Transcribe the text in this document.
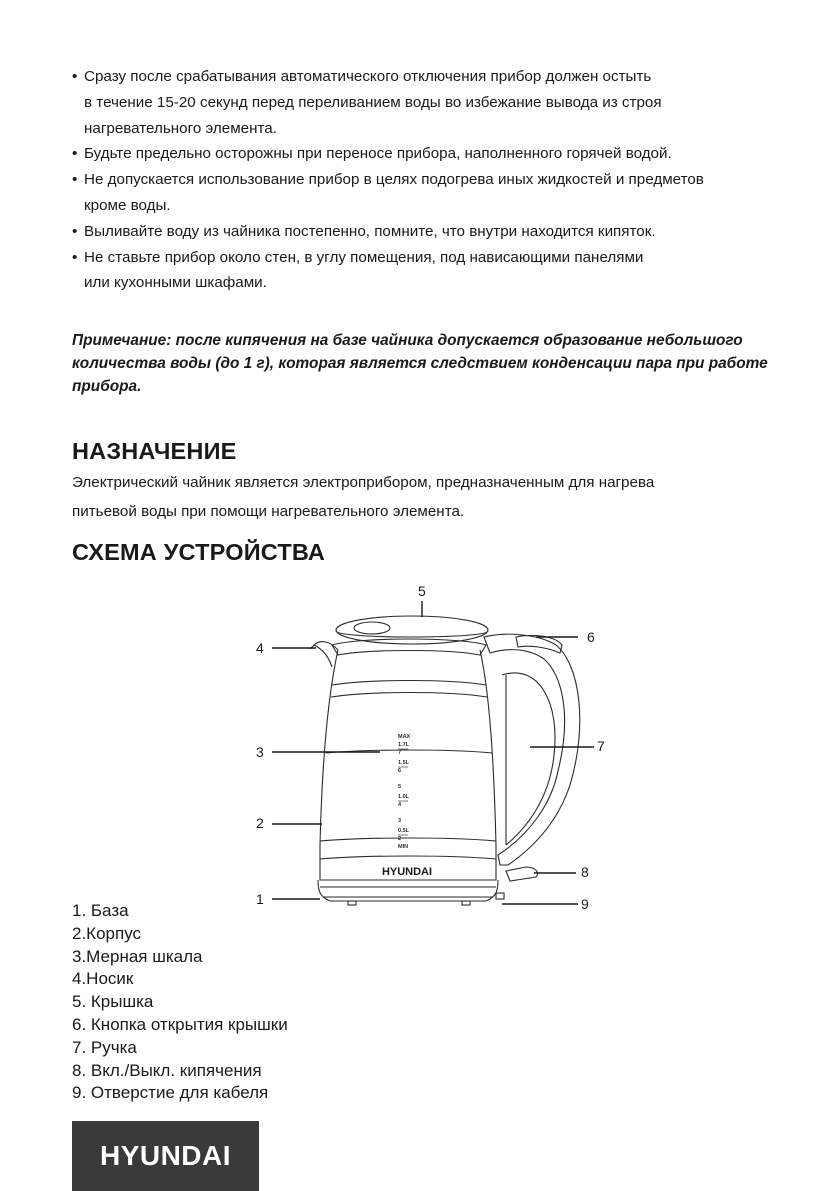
• Сразу после срабатывания автоматического отключения прибор должен остыть
в течение 15-20 секунд перед переливанием воды во избежание вывода из строя
нагревательного элемента.
• Будьте предельно осторожны при переносе прибора, наполненного горячей водой.
• Не допускается использование прибор в целях подогрева иных жидкостей и предметов
кроме воды.
• Выливайте воду из чайника постепенно, помните, что внутри находится кипяток.
• Не ставьте прибор около стен, в углу помещения, под нависающими панелями
или кухонными шкафами.
Примечание: после кипячения на базе чайника допускается образование небольшого количества воды (до 1 г), которая является следствием конденсации пара при работе прибора.
НАЗНАЧЕНИЕ
Электрический чайник является электроприбором, предназначенным для нагрева
питьевой воды при помощи нагревательного элемента.
СХЕМА УСТРОЙСТВА
MAX
1.7L
7
1.5L
6
5
1.0L
4
3
0.5L
2
MIN
HYUNDAI
4
5
6
7
3
2
8
1	9
1. База
2.Корпус
3.Мерная шкала
4.Носик
5. Крышка
6. Кнопка открытия крышки
7. Ручка
8. Вкл./Выкл. кипячения
9. Отверстие для кабеля
HYUNDAI
